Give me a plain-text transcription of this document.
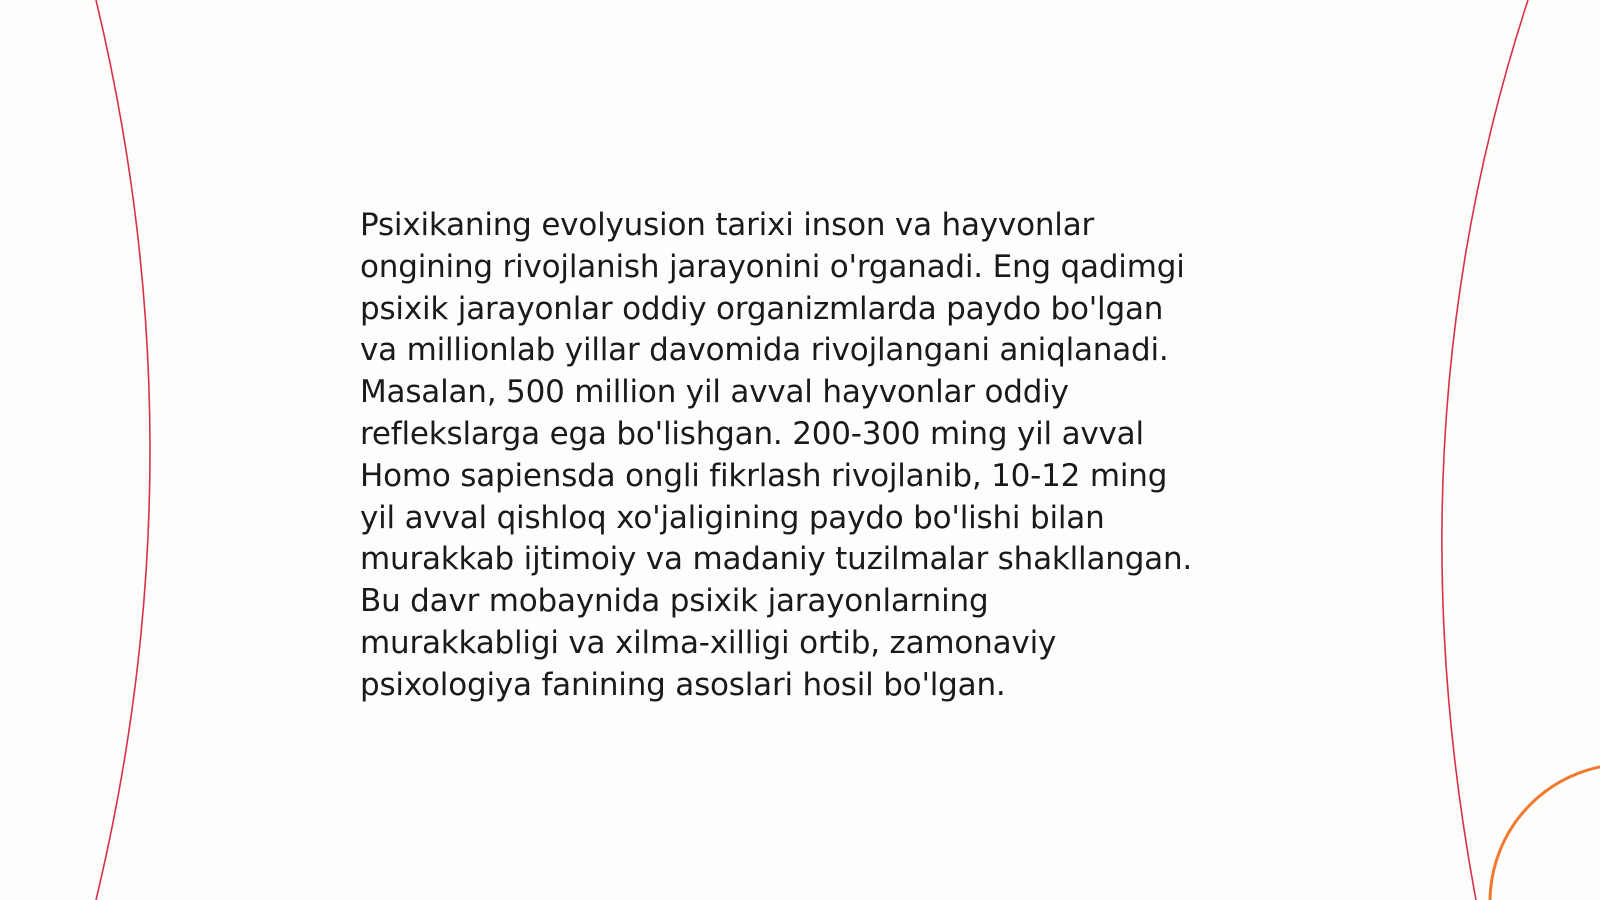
Psixikaning evolyusion tarixi inson va hayvonlar
ongining rivojlanish jarayonini o'rganadi. Eng qadimgi
psixik jarayonlar oddiy organizmlarda paydo bo'lgan
va millionlab yillar davomida rivojlangani aniqlanadi.
Masalan, 500 million yil avval hayvonlar oddiy
reflekslarga ega bo'lishgan. 200-300 ming yil avval
Homo sapiensda ongli fikrlash rivojlanib, 10-12 ming
yil avval qishloq xo'jaligining paydo bo'lishi bilan
murakkab ijtimoiy va madaniy tuzilmalar shakllangan.
Bu davr mobaynida psixik jarayonlarning
murakkabligi va xilma-xilligi ortib, zamonaviy
psixologiya fanining asoslari hosil bo'lgan.
